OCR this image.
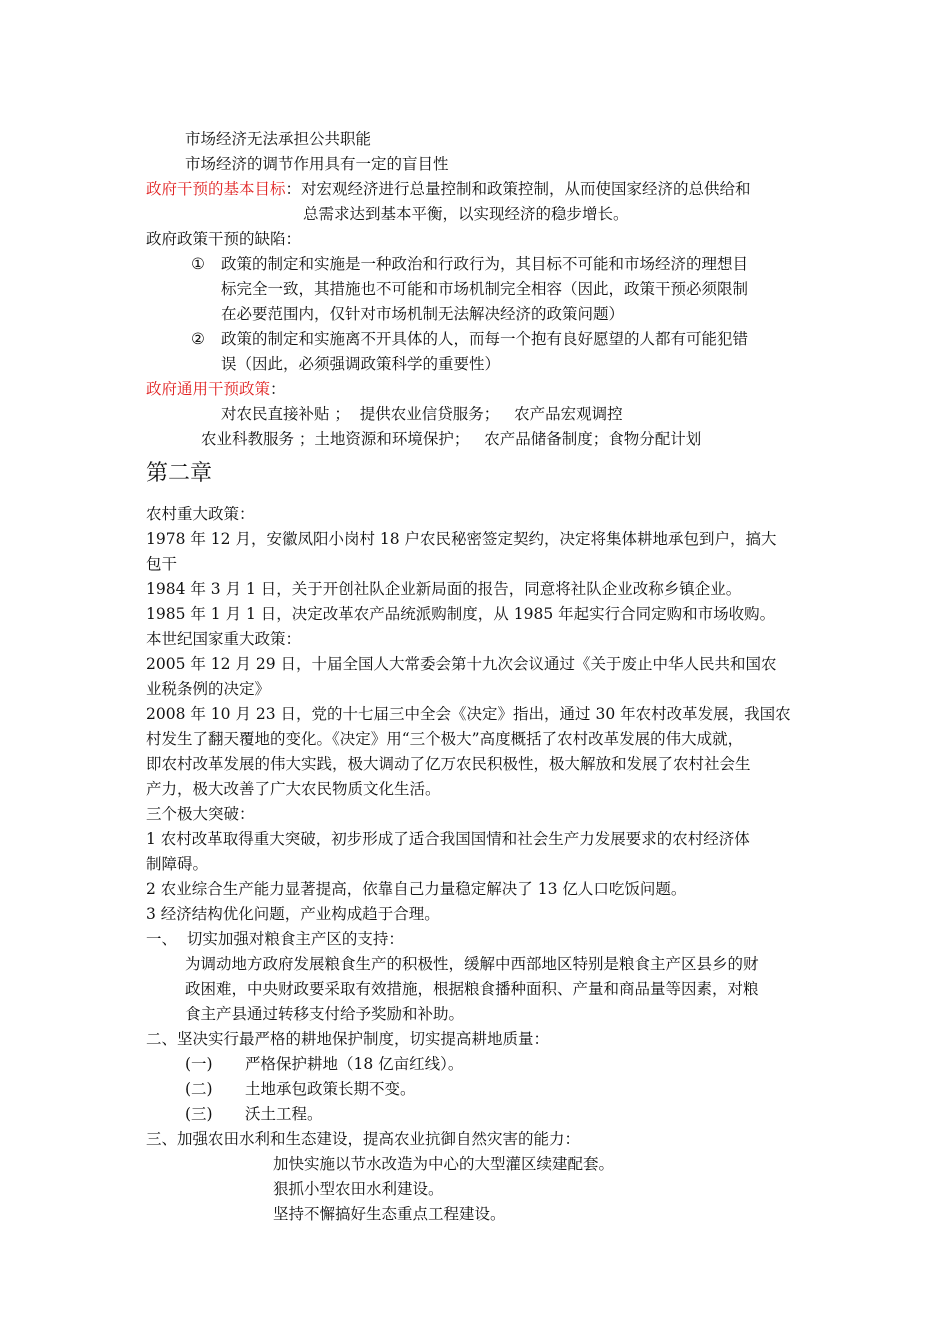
市场经济无法承担公共职能
市场经济的调节作用具有一定的盲目性
政府干预的基本目标：对宏观经济进行总量控制和政策控制，从而使国家经济的总供给和
总需求达到基本平衡，以实现经济的稳步增长。
政府政策干预的缺陷：
① 政策的制定和实施是一种政治和行政行为，其目标不可能和市场经济的理想目
标完全一致，其措施也不可能和市场机制完全相容（因此，政策干预必须限制
在必要范围内，仅针对市场机制无法解决经济的政策问题）
② 政策的制定和实施离不开具体的人，而每一个抱有良好愿望的人都有可能犯错
误（因此，必须强调政策科学的重要性）
政府通用干预政策：
对农民直接补贴 ；  提供农业信贷服务；   农产品宏观调控
农业科教服务 ；土地资源和环境保护；   农产品储备制度；食物分配计划
第二章
农村重大政策：
1978 年 12 月，安徽凤阳小岗村 18 户农民秘密签定契约，决定将集体耕地承包到户，搞大
包干
1984 年 3 月 1 日，关于开创社队企业新局面的报告，同意将社队企业改称乡镇企业。
1985 年 1 月 1 日，决定改革农产品统派购制度，从 1985 年起实行合同定购和市场收购。
本世纪国家重大政策：
2005 年 12 月 29 日，十届全国人大常委会第十九次会议通过《关于废止中华人民共和国农
业税条例的决定》
2008 年 10 月 23 日，党的十七届三中全会《决定》指出，通过 30 年农村改革发展，我国农
村发生了翻天覆地的变化。《决定》用“三个极大”高度概括了农村改革发展的伟大成就，
即农村改革发展的伟大实践，极大调动了亿万农民积极性，极大解放和发展了农村社会生
产力，极大改善了广大农民物质文化生活。
三个极大突破：
1 农村改革取得重大突破，初步形成了适合我国国情和社会生产力发展要求的农村经济体
制障碍。
2 农业综合生产能力显著提高，依靠自己力量稳定解决了 13 亿人口吃饭问题。
3 经济结构优化问题，产业构成趋于合理。
一、  切实加强对粮食主产区的支持：
为调动地方政府发展粮食生产的积极性，缓解中西部地区特别是粮食主产区县乡的财
政困难，中央财政要采取有效措施，根据粮食播种面积、产量和商品量等因素，对粮
食主产县通过转移支付给予奖励和补助。
二、坚决实行最严格的耕地保护制度，切实提高耕地质量：
(一) 严格保护耕地（18 亿亩红线）。
(二) 土地承包政策长期不变。
(三) 沃土工程。
三、加强农田水利和生态建设，提高农业抗御自然灾害的能力：
加快实施以节水改造为中心的大型灌区续建配套。
狠抓小型农田水利建设。
坚持不懈搞好生态重点工程建设。
